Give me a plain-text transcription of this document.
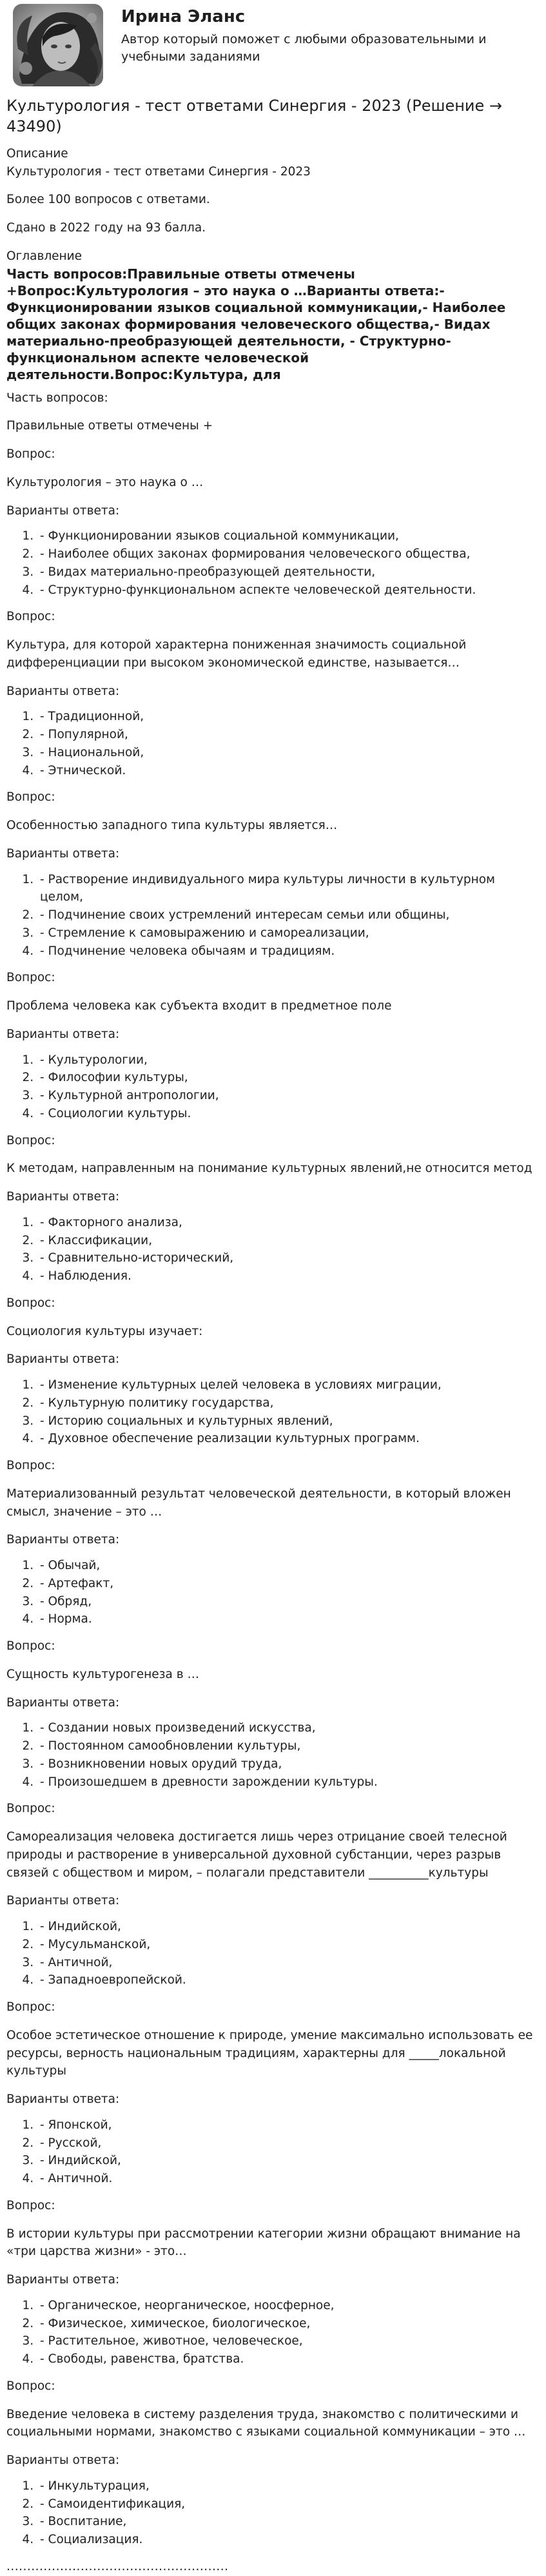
Ирина Эланс
Автор который поможет с любыми образовательными и учебными заданиями
Культурология - тест ответами Синергия - 2023 (Решение → 43490)
Описание

Культурология - тест ответами Синергия - 2023

Более 100 вопросов с ответами.

Сдано в 2022 году на 93 балла.

Оглавление
Часть вопросов:Правильные ответы отмечены +Вопрос:Культурология – это наука о …Варианты ответа:- Функционировании языков социальной коммуникации,- Наиболее общих законах формирования человеческого общества,- Видах материально-преобразующей деятельности, - Структурно-функциональном аспекте человеческой деятельности.Вопрос:Культура, для

Часть вопросов:

Правильные ответы отмечены +

Вопрос:
Культурология – это наука о …
Варианты ответа:
1. - Функционировании языков социальной коммуникации,
2. - Наиболее общих законах формирования человеческого общества,
3. - Видах материально-преобразующей деятельности,
4. - Структурно-функциональном аспекте человеческой деятельности.
Вопрос:
Культура, для которой характерна пониженная значимость социальной дифференциации при высоком экономической единстве, называется…
Варианты ответа:
1. - Традиционной,
2. - Популярной,
3. - Национальной,
4. - Этнической.
Вопрос:
Особенностью западного типа культуры является…
Варианты ответа:
1. - Растворение индивидуального мира культуры личности в культурном целом,
2. - Подчинение своих устремлений интересам семьи или общины,
3. - Стремление к самовыражению и самореализации,
4. - Подчинение человека обычаям и традициям.
Вопрос:
Проблема человека как субъекта входит в предметное поле
Варианты ответа:
1. - Культурологии,
2. - Философии культуры,
3. - Культурной антропологии,
4. - Социологии культуры.
Вопрос:
К методам, направленным на понимание культурных явлений,не относится метод
Варианты ответа:
1. - Факторного анализа,
2. - Классификации,
3. - Сравнительно-исторический,
4. - Наблюдения.
Вопрос:
Социология культуры изучает:
Варианты ответа:
1. - Изменение культурных целей человека в условиях миграции,
2. - Культурную политику государства,
3. - Историю социальных и культурных явлений,
4. - Духовное обеспечение реализации культурных программ.
Вопрос:
Материализованный результат человеческой деятельности, в который вложен смысл, значение – это …
Варианты ответа:
1. - Обычай,
2. - Артефакт,
3. - Обряд,
4. - Норма.
Вопрос:
Сущность культурогенеза в …
Варианты ответа:
1. - Создании новых произведений искусства,
2. - Постоянном самообновлении культуры,
3. - Возникновении новых орудий труда,
4. - Произошедшем в древности зарождении культуры.
Вопрос:
Самореализация человека достигается лишь через отрицание своей телесной природы и растворение в универсальной духовной субстанции, через разрыв связей с обществом и миром, – полагали представители __________культуры
Варианты ответа:
1. - Индийской,
2. - Мусульманской,
3. - Античной,
4. - Западноевропейской.
Вопрос:
Особое эстетическое отношение к природе, умение максимально использовать ее ресурсы, верность национальным традициям, характерны для _____локальной культуры
Варианты ответа:
1. - Японской,
2. - Русской,
3. - Индийской,
4. - Античной.
Вопрос:
В истории культуры при рассмотрении категории жизни обращают внимание на «три царства жизни» - это…
Варианты ответа:
1. - Органическое, неорганическое, ноосферное,
2. - Физическое, химическое, биологическое,
3. - Растительное, животное, человеческое,
4. - Свободы, равенства, братства.
Вопрос:
Введение человека в систему разделения труда, знакомство с политическими и социальными нормами, знакомство с языками социальной коммуникации – это …
Варианты ответа:
1. - Инкультурация,
2. - Самоидентификация,
3. - Воспитание,
4. - Социализация.
......................................................
